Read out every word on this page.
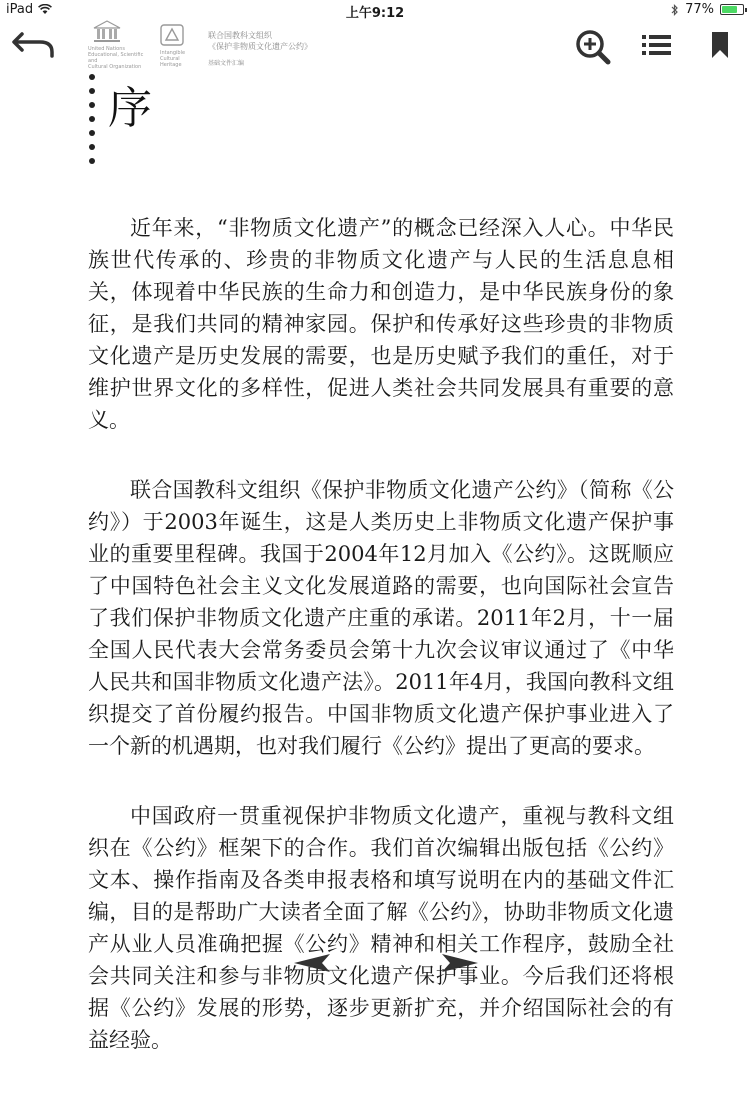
iPad	上午9:12	77%
United Nations
Educational, Scientific and
Cultural Organization
Intangible
Cultural
Heritage
联合国教科文组织
《保护非物质文化遗产公约》
基础文件汇编
序

近年来，“非物质文化遗产”的概念已经深入人心。中华民族世代传承的、珍贵的非物质文化遗产与人民的生活息息相关，体现着中华民族的生命力和创造力，是中华民族身份的象征，是我们共同的精神家园。保护和传承好这些珍贵的非物质文化遗产是历史发展的需要，也是历史赋予我们的重任，对于维护世界文化的多样性，促进人类社会共同发展具有重要的意义。

联合国教科文组织《保护非物质文化遗产公约》（简称《公约》）于2003年诞生，这是人类历史上非物质文化遗产保护事业的重要里程碑。我国于2004年12月加入《公约》。这既顺应了中国特色社会主义文化发展道路的需要，也向国际社会宣告了我们保护非物质文化遗产庄重的承诺。2011年2月，十一届全国人民代表大会常务委员会第十九次会议审议通过了《中华人民共和国非物质文化遗产法》。2011年4月，我国向教科文组织提交了首份履约报告。中国非物质文化遗产保护事业进入了一个新的机遇期，也对我们履行《公约》提出了更高的要求。

中国政府一贯重视保护非物质文化遗产，重视与教科文组织在《公约》框架下的合作。我们首次编辑出版包括《公约》文本、操作指南及各类申报表格和填写说明在内的基础文件汇编，目的是帮助广大读者全面了解《公约》，协助非物质文化遗产从业人员准确把握《公约》精神和相关工作程序，鼓励全社会共同关注和参与非物质文化遗产保护事业。今后我们还将根据《公约》发展的形势，逐步更新扩充，并介绍国际社会的有益经验。
